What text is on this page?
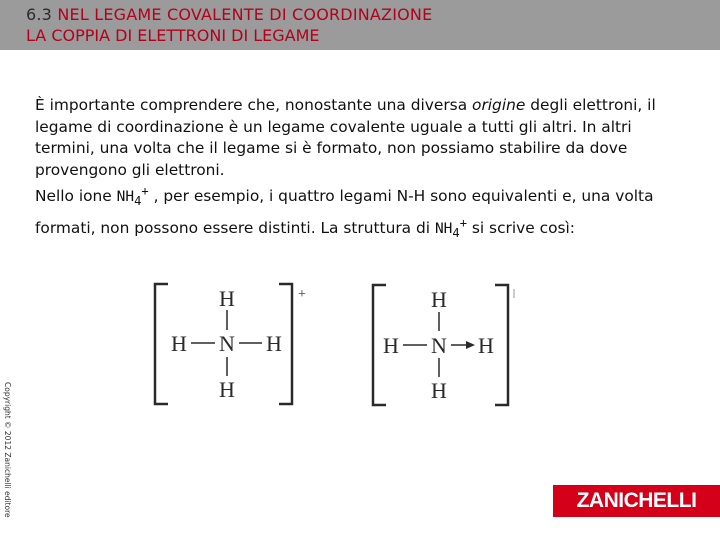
6.3 NEL LEGAME COVALENTE DI COORDINAZIONE
LA COPPIA DI ELETTRONI DI LEGAME

È importante comprendere che, nonostante una diversa origine degli elettroni, il legame di coordinazione è un legame covalente uguale a tutti gli altri. In altri termini, una volta che il legame si è formato, non possiamo stabilire da dove provengono gli elettroni.

Nello ione $NH_4^+$ , per esempio, i quattro legami N-H sono equivalenti e, una volta formati, non possono essere distinti. La struttura di $NH_4^+$ si scrive così:

H
H N H
H
+	H
H N H
H
Copyright © 2012 Zanichelli editore	ZANICHELLI
